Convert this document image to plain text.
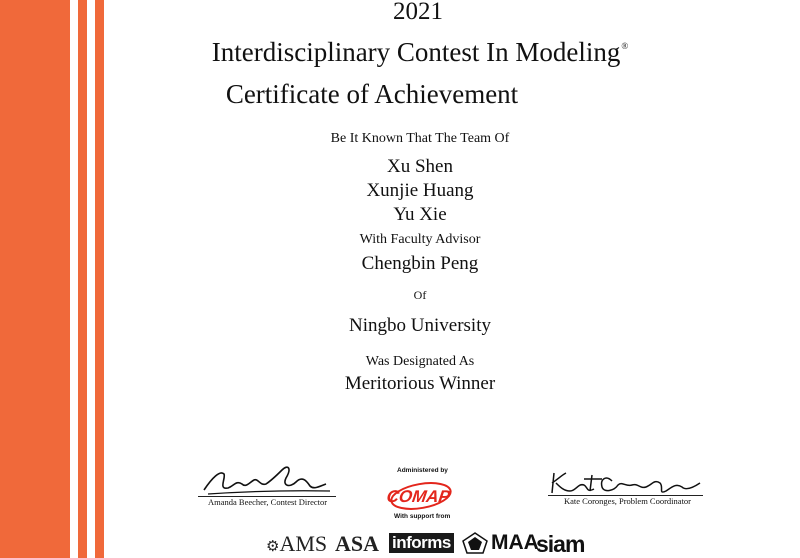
2021
Interdisciplinary Contest In Modeling®
Certificate of Achievement
Be It Known That The Team Of
Xu Shen
Xunjie Huang
Yu Xie
With Faculty Advisor
Chengbin Peng
Of
Ningbo University
Was Designated As
Meritorious Winner
Amanda Beecher, Contest Director	Kate Coronges, Problem Coordinator
Administered by
COMAP
With support from
⚙AMS ASA informs MAA
siam
